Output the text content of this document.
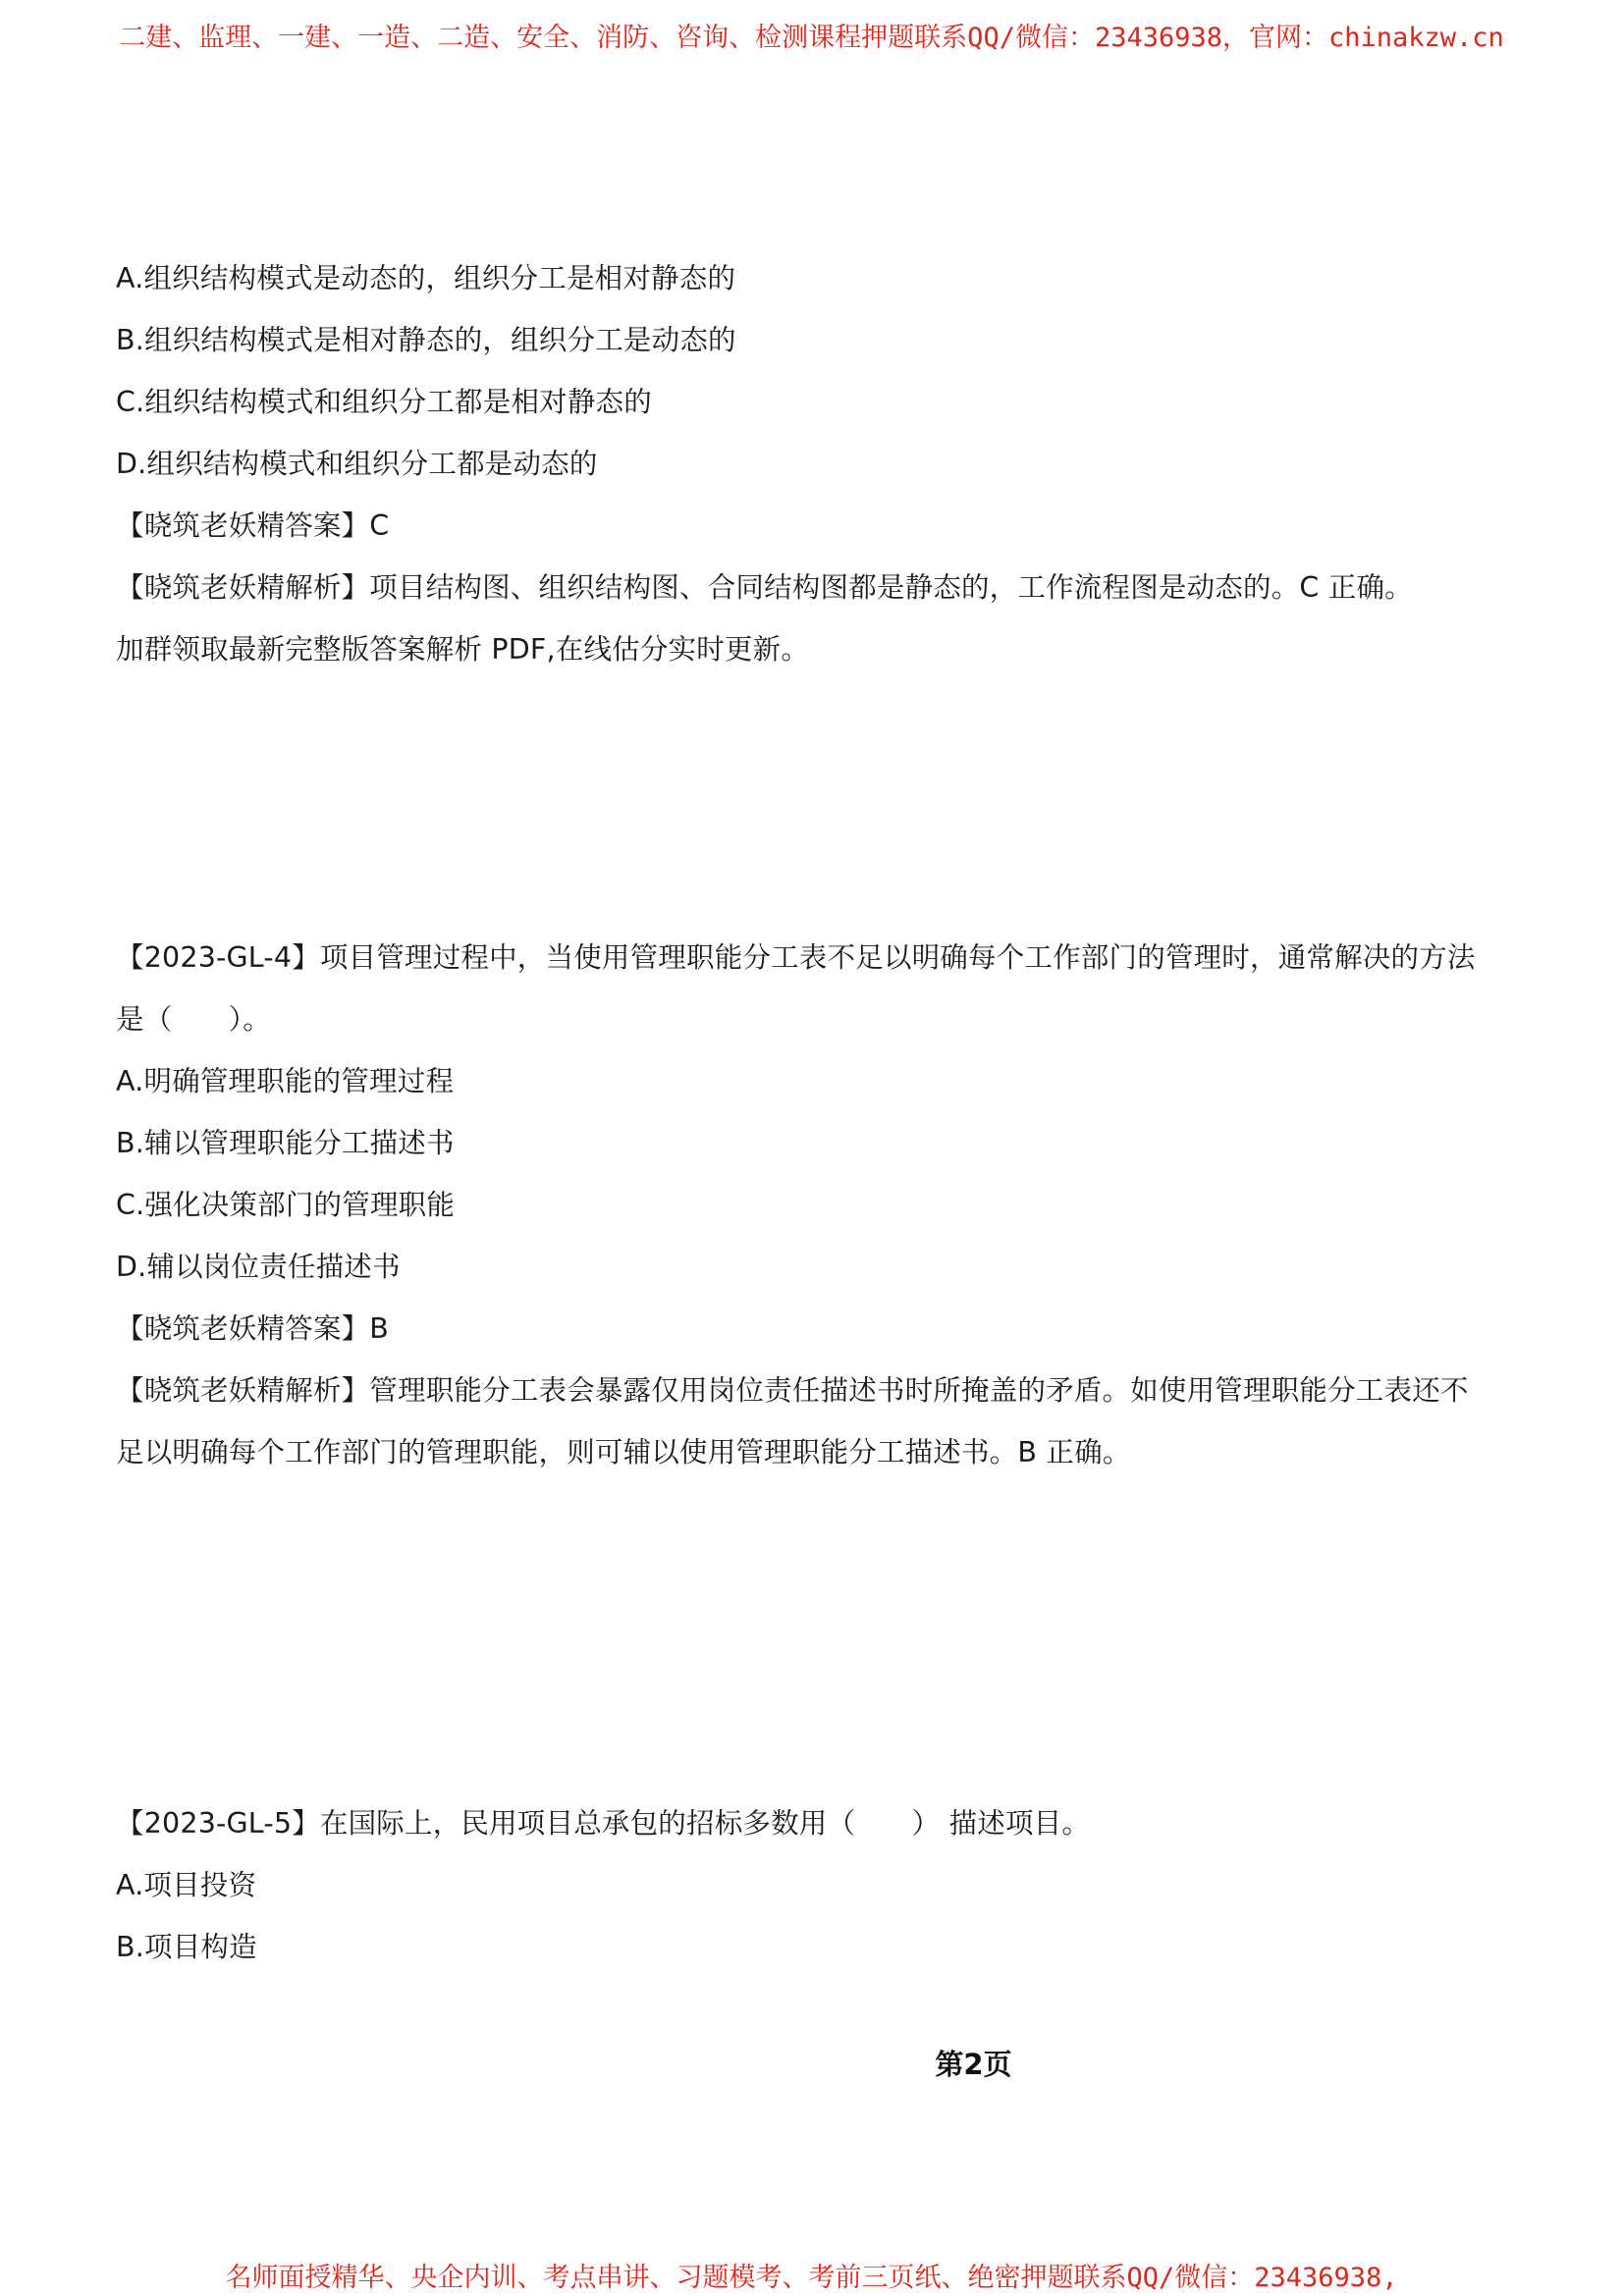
二建、监理、一建、一造、二造、安全、消防、咨询、检测课程押题联系QQ/微信：23436938，官网：chinakzw.cn
A.组织结构模式是动态的，组织分工是相对静态的
B.组织结构模式是相对静态的，组织分工是动态的
C.组织结构模式和组织分工都是相对静态的
D.组织结构模式和组织分工都是动态的
【晓筑老妖精答案】C
【晓筑老妖精解析】项目结构图、组织结构图、合同结构图都是静态的，工作流程图是动态的。C 正确。
加群领取最新完整版答案解析 PDF,在线估分实时更新。
【2023-GL-4】项目管理过程中，当使用管理职能分工表不足以明确每个工作部门的管理时，通常解决的方法
是（　　）。
A.明确管理职能的管理过程
B.辅以管理职能分工描述书
C.强化决策部门的管理职能
D.辅以岗位责任描述书
【晓筑老妖精答案】B
【晓筑老妖精解析】管理职能分工表会暴露仅用岗位责任描述书时所掩盖的矛盾。如使用管理职能分工表还不
足以明确每个工作部门的管理职能，则可辅以使用管理职能分工描述书。B 正确。
【2023-GL-5】在国际上，民用项目总承包的招标多数用（　　） 描述项目。
A.项目投资
B.项目构造
第2页
名师面授精华、央企内训、考点串讲、习题模考、考前三页纸、绝密押题联系QQ/微信：23436938,
